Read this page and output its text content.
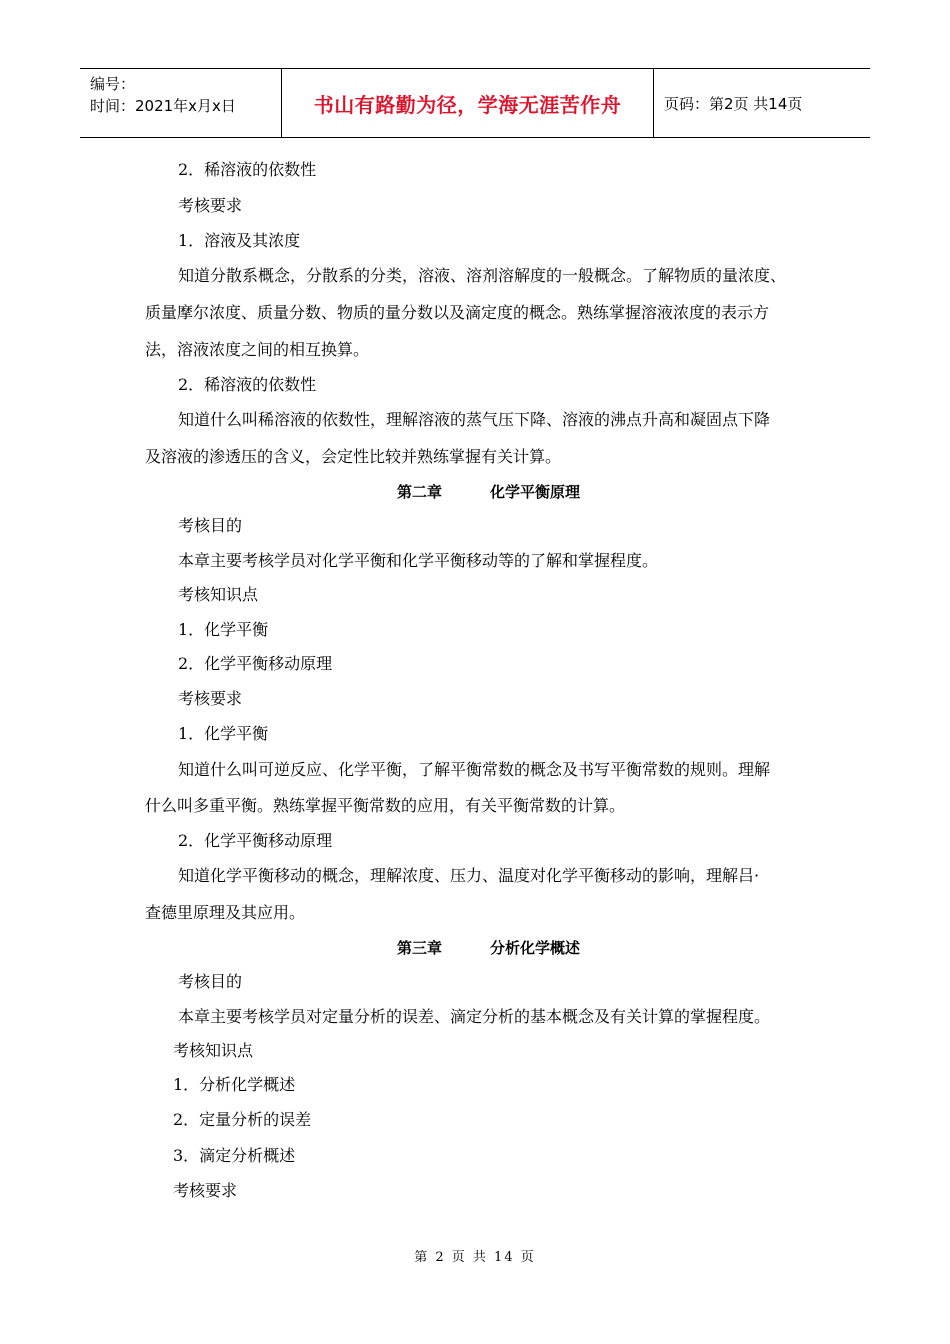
编号：
时间：2021年x月x日	书山有路勤为径，学海无涯苦作舟	页码：第2页 共14页
2．稀溶液的依数性
考核要求
1．溶液及其浓度
知道分散系概念，分散系的分类，溶液、溶剂溶解度的一般概念。了解物质的量浓度、
质量摩尔浓度、质量分数、物质的量分数以及滴定度的概念。熟练掌握溶液浓度的表示方
法，溶液浓度之间的相互换算。
2．稀溶液的依数性
知道什么叫稀溶液的依数性，理解溶液的蒸气压下降、溶液的沸点升高和凝固点下降
及溶液的渗透压的含义，会定性比较并熟练掌握有关计算。
第二章	化学平衡原理
考核目的
本章主要考核学员对化学平衡和化学平衡移动等的了解和掌握程度。
考核知识点
1．化学平衡
2．化学平衡移动原理
考核要求
1．化学平衡
知道什么叫可逆反应、化学平衡，了解平衡常数的概念及书写平衡常数的规则。理解
什么叫多重平衡。熟练掌握平衡常数的应用，有关平衡常数的计算。
2．化学平衡移动原理
知道化学平衡移动的概念，理解浓度、压力、温度对化学平衡移动的影响，理解吕·
查德里原理及其应用。
第三章	分析化学概述
考核目的
本章主要考核学员对定量分析的误差、滴定分析的基本概念及有关计算的掌握程度。
考核知识点
1．分析化学概述
2．定量分析的误差
3．滴定分析概述
考核要求
第 2 页 共 14 页
